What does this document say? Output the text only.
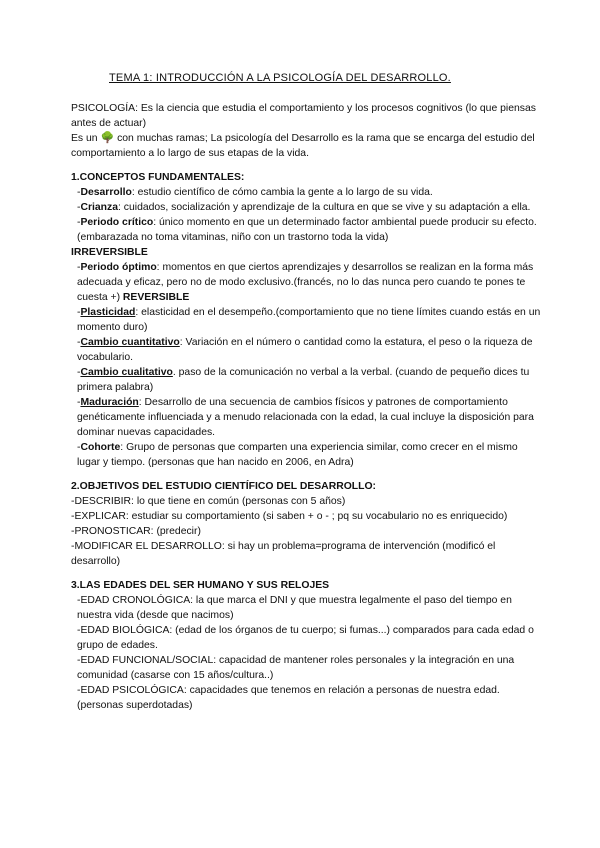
TEMA 1: INTRODUCCIÓN A LA PSICOLOGÍA DEL DESARROLLO.

PSICOLOGÍA: Es la ciencia que estudia el comportamiento y los procesos cognitivos (lo que piensas antes de actuar)

Es un 🌳 con muchas ramas; La psicología del Desarrollo es la rama que se encarga del estudio del comportamiento a lo largo de sus etapas de la vida.

1.CONCEPTOS FUNDAMENTALES:

-Desarrollo: estudio científico de cómo cambia la gente a lo largo de su vida.

-Crianza: cuidados, socialización y aprendizaje de la cultura en que se vive y su adaptación a ella.

-Periodo crítico: único momento en que un determinado factor ambiental puede producir su efecto. (embarazada no toma vitaminas, niño con un trastorno toda la vida)

IRREVERSIBLE

-Periodo óptimo: momentos en que ciertos aprendizajes y desarrollos se realizan en la forma más adecuada y eficaz, pero no de modo exclusivo.(francés, no lo das nunca pero cuando te pones te cuesta +) REVERSIBLE

-Plasticidad: elasticidad en el desempeño.(comportamiento que no tiene límites cuando estás en un momento duro)

-Cambio cuantitativo: Variación en el número o cantidad como la estatura, el peso o la riqueza de vocabulario.

-Cambio cualitativo. paso de la comunicación no verbal a la verbal. (cuando de pequeño dices tu primera palabra)

-Maduración: Desarrollo de una secuencia de cambios físicos y patrones de comportamiento genéticamente influenciada y a menudo relacionada con la edad, la cual incluye la disposición para dominar nuevas capacidades.

-Cohorte: Grupo de personas que comparten una experiencia similar, como crecer en el mismo lugar y tiempo. (personas que han nacido en 2006, en Adra)

2.OBJETIVOS DEL ESTUDIO CIENTÍFICO DEL DESARROLLO:

-DESCRIBIR: lo que tiene en común (personas con 5 años)

-EXPLICAR: estudiar su comportamiento (si saben + o - ; pq su vocabulario no es enriquecido)

-PRONOSTICAR: (predecir)

-MODIFICAR EL DESARROLLO: si hay un problema=programa de intervención (modificó el desarrollo)

3.LAS EDADES DEL SER HUMANO Y SUS RELOJES

-EDAD CRONOLÓGICA: la que marca el DNI y que muestra legalmente el paso del tiempo en nuestra vida (desde que nacimos)

-EDAD BIOLÓGICA: (edad de los órganos de tu cuerpo; si fumas...) comparados para cada edad o grupo de edades.

-EDAD FUNCIONAL/SOCIAL: capacidad de mantener roles personales y la integración en una comunidad (casarse con 15 años/cultura..)

-EDAD PSICOLÓGICA: capacidades que tenemos en relación a personas de nuestra edad. (personas superdotadas)
